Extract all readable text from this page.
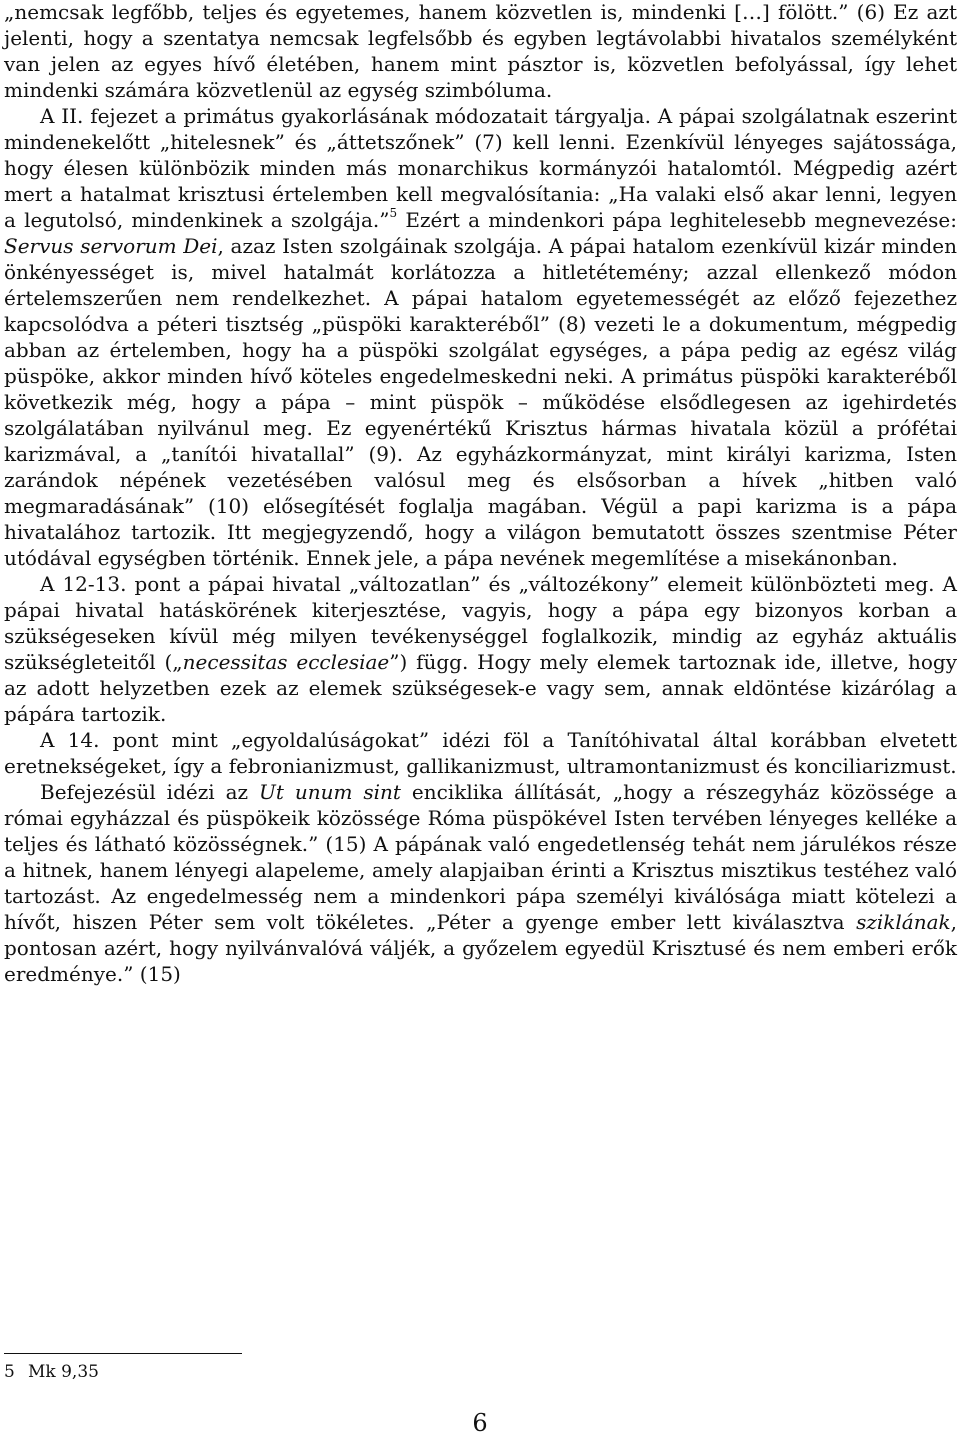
„nemcsak legfőbb, teljes és egyetemes, hanem közvetlen is, mindenki […] fölött.” (6) Ez azt jelenti, hogy a szentatya nemcsak legfelsőbb és egyben legtávolabbi hivatalos személyként van jelen az egyes hívő életében, hanem mint pásztor is, közvetlen befolyással, így lehet mindenki számára közvetlenül az egység szimbóluma.

A II. fejezet a primátus gyakorlásának módozatait tárgyalja. A pápai szolgálatnak eszerint mindenekelőtt „hitelesnek” és „áttetszőnek” (7) kell lenni. Ezenkívül lényeges sajátossága, hogy élesen különbözik minden más monarchikus kormányzói hatalomtól. Mégpedig azért mert a hatalmat krisztusi értelemben kell megvalósítania: „Ha valaki első akar lenni, legyen a legutolsó, mindenkinek a szolgája.”$^5$ Ezért a mindenkori pápa leghitelesebb megnevezése: Servus servorum Dei, azaz Isten szolgáinak szolgája. A pápai hatalom ezenkívül kizár minden önkényességet is, mivel hatalmát korlátozza a hitletétemény; azzal ellenkező módon értelemszerűen nem rendelkezhet. A pápai hatalom egyetemességét az előző fejezethez kapcsolódva a péteri tisztség „püspöki karakteréből” (8) vezeti le a dokumentum, mégpedig abban az értelemben, hogy ha a püspöki szolgálat egységes, a pápa pedig az egész világ püspöke, akkor minden hívő köteles engedelmeskedni neki. A primátus püspöki karakteréből következik még, hogy a pápa – mint püspök – működése elsődlegesen az igehirdetés szolgálatában nyilvánul meg. Ez egyenértékű Krisztus hármas hivatala közül a prófétai karizmával, a „tanítói hivatallal” (9). Az egyházkormányzat, mint királyi karizma, Isten zarándok népének vezetésében valósul meg és elsősorban a hívek „hitben való megmaradásának” (10) elősegítését foglalja magában. Végül a papi karizma is a pápa hivatalához tartozik. Itt megjegyzendő, hogy a világon bemutatott összes szentmise Péter utódával egységben történik. Ennek jele, a pápa nevének megemlítése a misekánonban.

A 12-13. pont a pápai hivatal „változatlan” és „változékony” elemeit különbözteti meg. A pápai hivatal hatáskörének kiterjesztése, vagyis, hogy a pápa egy bizonyos korban a szükségeseken kívül még milyen tevékenységgel foglalkozik, mindig az egyház aktuális szükségleteitől („necessitas ecclesiae”) függ. Hogy mely elemek tartoznak ide, illetve, hogy az adott helyzetben ezek az elemek szükségesek-e vagy sem, annak eldöntése kizárólag a pápára tartozik.

A 14. pont mint „egyoldalúságokat” idézi föl a Tanítóhivatal által korábban elvetett eretnekségeket, így a febronianizmust, gallikanizmust, ultramontanizmust és konciliarizmust.

Befejezésül idézi az Ut unum sint enciklika állítását, „hogy a részegyház közössége a római egyházzal és püspökeik közössége Róma püspökével Isten tervében lényeges kelléke a teljes és látható közösségnek.” (15) A pápának való engedetlenség tehát nem járulékos része a hitnek, hanem lényegi alapeleme, amely alapjaiban érinti a Krisztus misztikus testéhez való tartozást. Az engedelmesség nem a mindenkori pápa személyi kiválósága miatt kötelezi a hívőt, hiszen Péter sem volt tökéletes. „Péter a gyenge ember lett kiválasztva sziklának, pontosan azért, hogy nyilvánvalóvá váljék, a győzelem egyedül Krisztusé és nem emberi erők eredménye.” (15)

5 Mk 9,35
6
